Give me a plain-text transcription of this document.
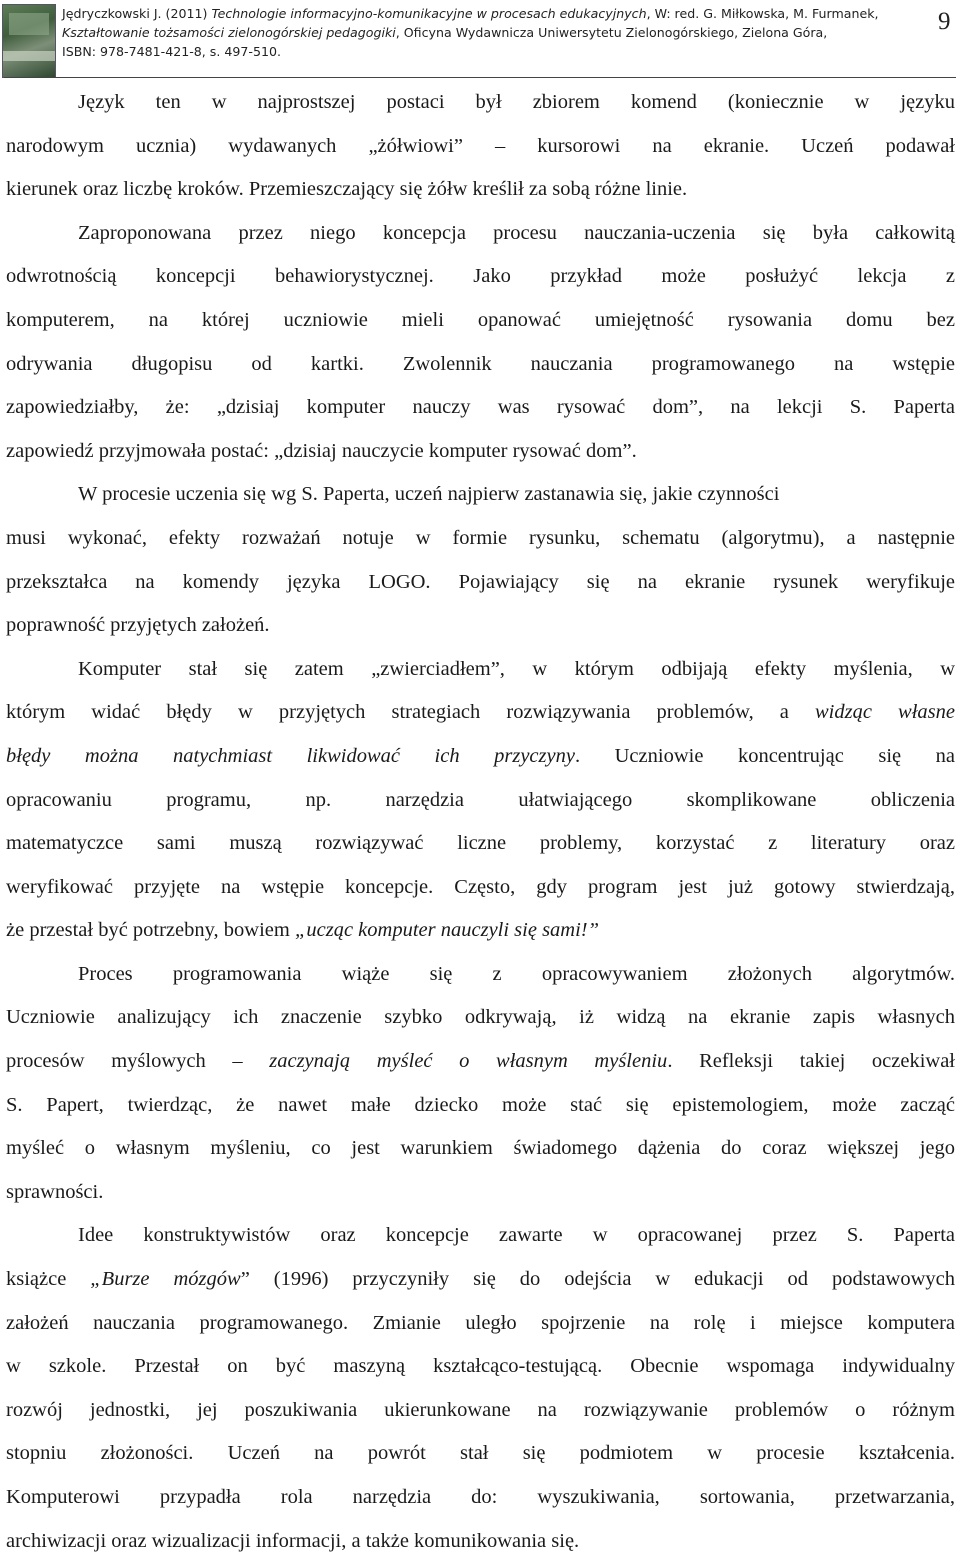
Jędryczkowski J. (2011) Technologie informacyjno-komunikacyjne w procesach edukacyjnych, W: red. G. Miłkowska, M. Furmanek,
Kształtowanie tożsamości zielonogórskiej pedagogiki, Oficyna Wydawnicza Uniwersytetu Zielonogórskiego, Zielona Góra,
ISBN: 978-7481-421-8, s. 497-510.
9

Język ten w najprostszej postaci był zbiorem komend (koniecznie w języku
narodowym ucznia) wydawanych „żółwiowi” – kursorowi na ekranie. Uczeń podawał
kierunek oraz liczbę kroków. Przemieszczający się żółw kreślił za sobą różne linie.

Zaproponowana przez niego koncepcja procesu nauczania-uczenia się była całkowitą
odwrotnością koncepcji behawiorystycznej. Jako przykład może posłużyć lekcja z
komputerem, na której uczniowie mieli opanować umiejętność rysowania domu bez
odrywania długopisu od kartki. Zwolennik nauczania programowanego na wstępie
zapowiedziałby, że: „dzisiaj komputer nauczy was rysować dom”, na lekcji S. Paperta
zapowiedź przyjmowała postać: „dzisiaj nauczycie komputer rysować dom”.

W procesie uczenia się wg S. Paperta, uczeń najpierw zastanawia się, jakie czynności
musi wykonać, efekty rozważań notuje w formie rysunku, schematu (algorytmu), a następnie
przekształca na komendy języka LOGO. Pojawiający się na ekranie rysunek weryfikuje
poprawność przyjętych założeń.

Komputer stał się zatem „zwierciadłem”, w którym odbijają efekty myślenia, w
którym widać błędy w przyjętych strategiach rozwiązywania problemów, a widząc własne
błędy można natychmiast likwidować ich przyczyny. Uczniowie koncentrując się na
opracowaniu programu, np. narzędzia ułatwiającego skomplikowane obliczenia
matematyczce sami muszą rozwiązywać liczne problemy, korzystać z literatury oraz
weryfikować przyjęte na wstępie koncepcje. Często, gdy program jest już gotowy stwierdzają,
że przestał być potrzebny, bowiem „ucząc komputer nauczyli się sami!”

Proces programowania wiąże się z opracowywaniem złożonych algorytmów.
Uczniowie analizujący ich znaczenie szybko odkrywają, iż widzą na ekranie zapis własnych
procesów myślowych – zaczynają myśleć o własnym myśleniu. Refleksji takiej oczekiwał
S. Papert, twierdząc, że nawet małe dziecko może stać się epistemologiem, może zacząć
myśleć o własnym myśleniu, co jest warunkiem świadomego dążenia do coraz większej jego
sprawności.

Idee konstruktywistów oraz koncepcje zawarte w opracowanej przez S. Paperta
książce „Burze mózgów” (1996) przyczyniły się do odejścia w edukacji od podstawowych
założeń nauczania programowanego. Zmianie uległo spojrzenie na rolę i miejsce komputera
w szkole. Przestał on być maszyną kształcąco-testującą. Obecnie wspomaga indywidualny
rozwój jednostki, jej poszukiwania ukierunkowane na rozwiązywanie problemów o różnym
stopniu złożoności. Uczeń na powrót stał się podmiotem w procesie kształcenia.
Komputerowi przypadła rola narzędzia do: wyszukiwania, sortowania, przetwarzania,
archiwizacji oraz wizualizacji informacji, a także komunikowania się.
